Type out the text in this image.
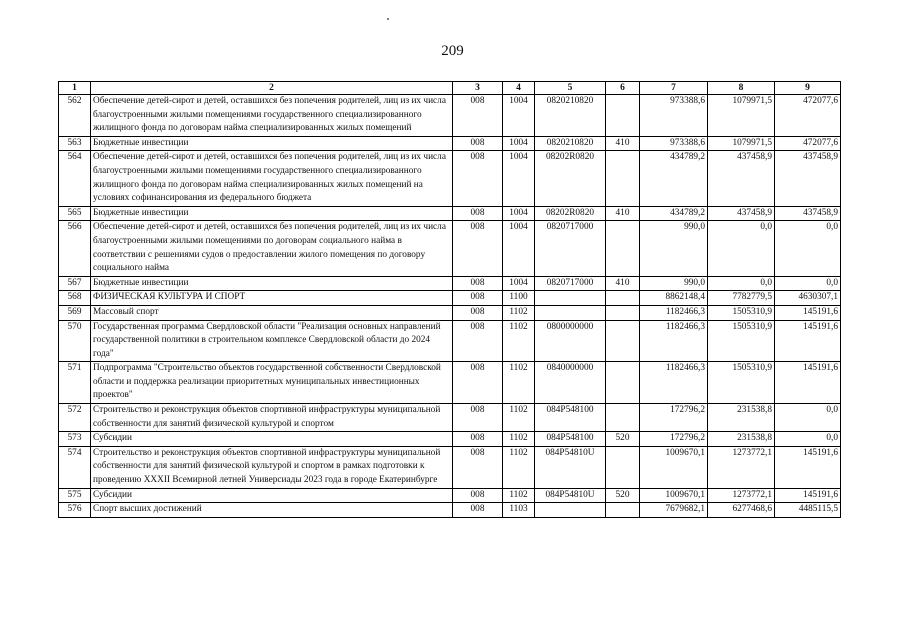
209
1	2	3	4	5	6	7	8	9
562	Обеспечение детей-сирот и детей, оставшихся без попечения родителей, лиц из их числа благоустроенными жилыми помещениями государственного специализированного жилищного фонда по договорам найма специализированных жилых помещений	008	1004	0820210820		973388,6	1079971,5	472077,6
563	Бюджетные инвестиции	008	1004	0820210820	410	973388,6	1079971,5	472077,6
564	Обеспечение детей-сирот и детей, оставшихся без попечения родителей, лиц из их числа благоустроенными жилыми помещениями государственного специализированного жилищного фонда по договорам найма специализированных жилых помещений на условиях софинансирования из федерального бюджета	008	1004	08202R0820		434789,2	437458,9	437458,9
565	Бюджетные инвестиции	008	1004	08202R0820	410	434789,2	437458,9	437458,9
566	Обеспечение детей-сирот и детей, оставшихся без попечения родителей, лиц из их числа благоустроенными жилыми помещениями по договорам социального найма в соответствии с решениями судов о предоставлении жилого помещения по договору социального найма	008	1004	0820717000		990,0	0,0	0,0
567	Бюджетные инвестиции	008	1004	0820717000	410	990,0	0,0	0,0
568	ФИЗИЧЕСКАЯ КУЛЬТУРА И СПОРТ	008	1100			8862148,4	7782779,5	4630307,1
569	Массовый спорт	008	1102			1182466,3	1505310,9	145191,6
570	Государственная программа Свердловской области "Реализация основных направлений государственной политики в строительном комплексе Свердловской области до 2024 года"	008	1102	0800000000		1182466,3	1505310,9	145191,6
571	Подпрограмма "Строительство объектов государственной собственности Свердловской области и поддержка реализации приоритетных муниципальных инвестиционных проектов"	008	1102	0840000000		1182466,3	1505310,9	145191,6
572	Строительство и реконструкция объектов спортивной инфраструктуры муниципальной собственности для занятий физической культурой и спортом	008	1102	084P548100		172796,2	231538,8	0,0
573	Субсидии	008	1102	084P548100	520	172796,2	231538,8	0,0
574	Строительство и реконструкция объектов спортивной инфраструктуры муниципальной собственности для занятий физической культурой и спортом в рамках подготовки к проведению XXXII Всемирной летней Универсиады 2023 года в городе Екатеринбурге	008	1102	084P54810U		1009670,1	1273772,1	145191,6
575	Субсидии	008	1102	084P54810U	520	1009670,1	1273772,1	145191,6
576	Спорт высших достижений	008	1103			7679682,1	6277468,6	4485115,5
